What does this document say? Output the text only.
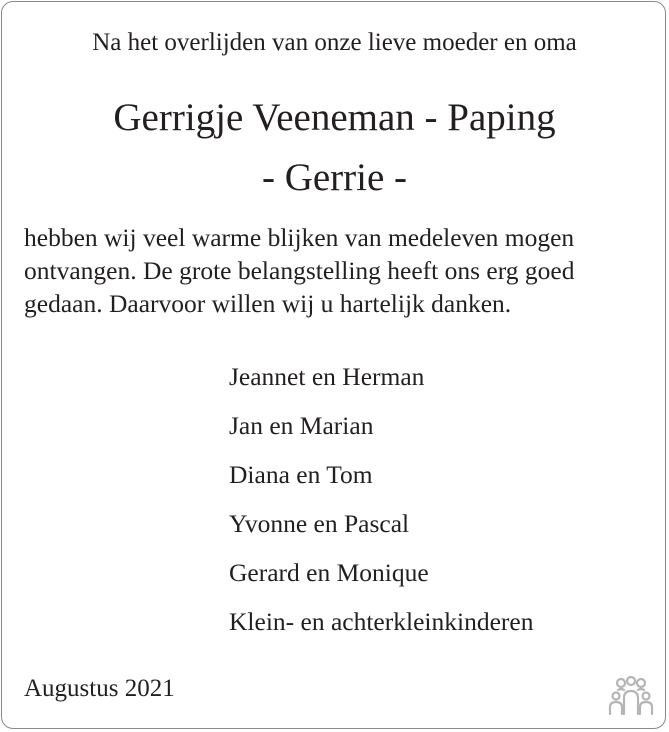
Na het overlijden van onze lieve moeder en oma
Gerrigje Veeneman - Paping
- Gerrie -
hebben wij veel warme blijken van medeleven mogen
ontvangen. De grote belangstelling heeft ons erg goed
gedaan. Daarvoor willen wij u hartelijk danken.
Jeannet en Herman
Jan en Marian
Diana en Tom
Yvonne en Pascal
Gerard en Monique
Klein- en achterkleinkinderen
Augustus 2021
